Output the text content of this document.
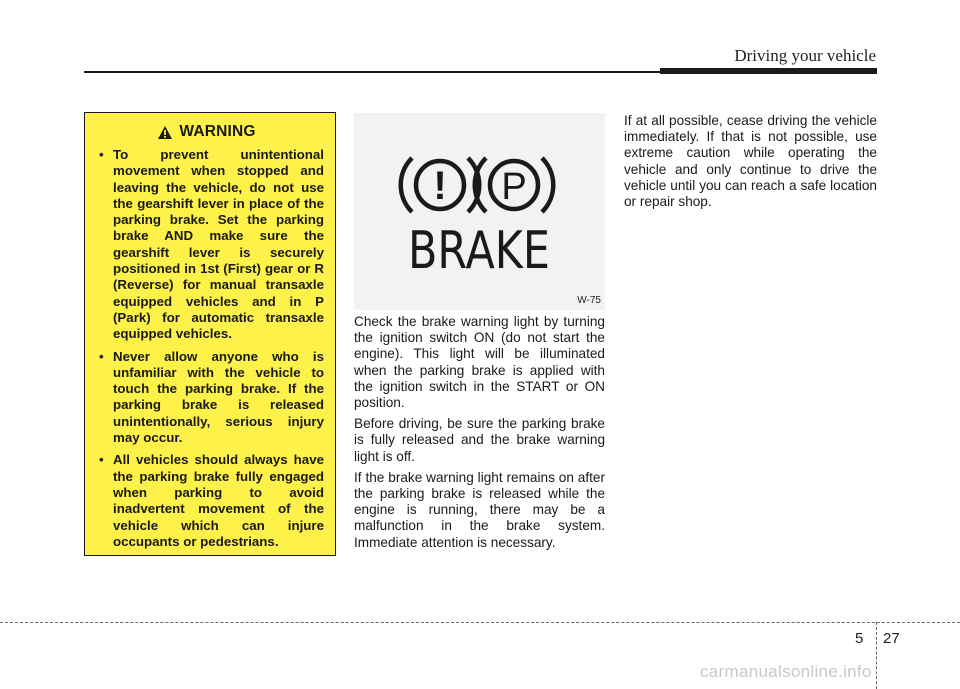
Driving your vehicle
WARNING
• To prevent unintentional movement when stopped and leaving the vehicle, do not use the gearshift lever in place of the parking brake. Set the parking brake AND make sure the gearshift lever is securely positioned in 1st (First) gear or R (Reverse) for manual transaxle equipped vehicles and in P (Park) for automatic transaxle equipped vehicles.
• Never allow anyone who is unfamiliar with the vehicle to touch the parking brake. If the parking brake is released unintentionally, serious injury may occur.
• All vehicles should always have the parking brake fully engaged when parking to avoid inadvertent movement of the vehicle which can injure occupants or pedestrians.
! P
BRAKE
W-75

Check the brake warning light by turning the ignition switch ON (do not start the engine). This light will be illuminated when the parking brake is applied with the ignition switch in the START or ON position.

Before driving, be sure the parking brake is fully released and the brake warning light is off.

If the brake warning light remains on after the parking brake is released while the engine is running, there may be a malfunction in the brake system. Immediate attention is necessary.

If at all possible, cease driving the vehicle immediately. If that is not possible, use extreme caution while operating the vehicle and only continue to drive the vehicle until you can reach a safe location or repair shop.

5 27
carmanualsonline.info
